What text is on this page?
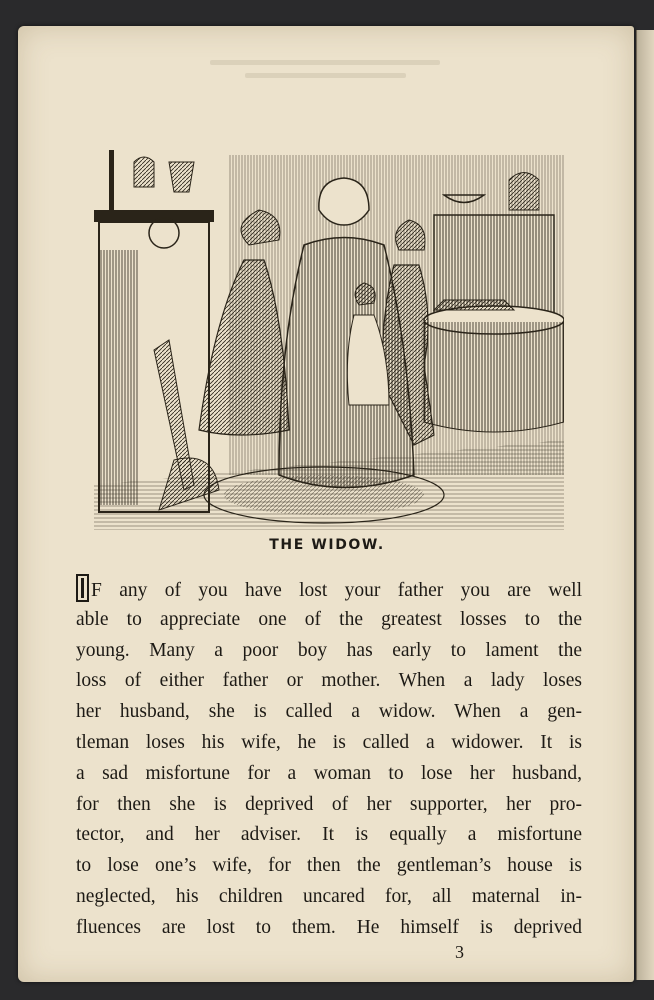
THE WIDOW.
F any of you have lost your father you are well
able to appreciate one of the greatest losses to the
young. Many a poor boy has early to lament the
loss of either father or mother. When a lady loses
her husband, she is called a widow. When a gen-
tleman loses his wife, he is called a widower. It is
a sad misfortune for a woman to lose her husband,
for then she is deprived of her supporter, her pro-
tector, and her adviser. It is equally a misfortune
to lose one’s wife, for then the gentleman’s house is
neglected, his children uncared for, all maternal in-
fluences are lost to them. He himself is deprived
3
